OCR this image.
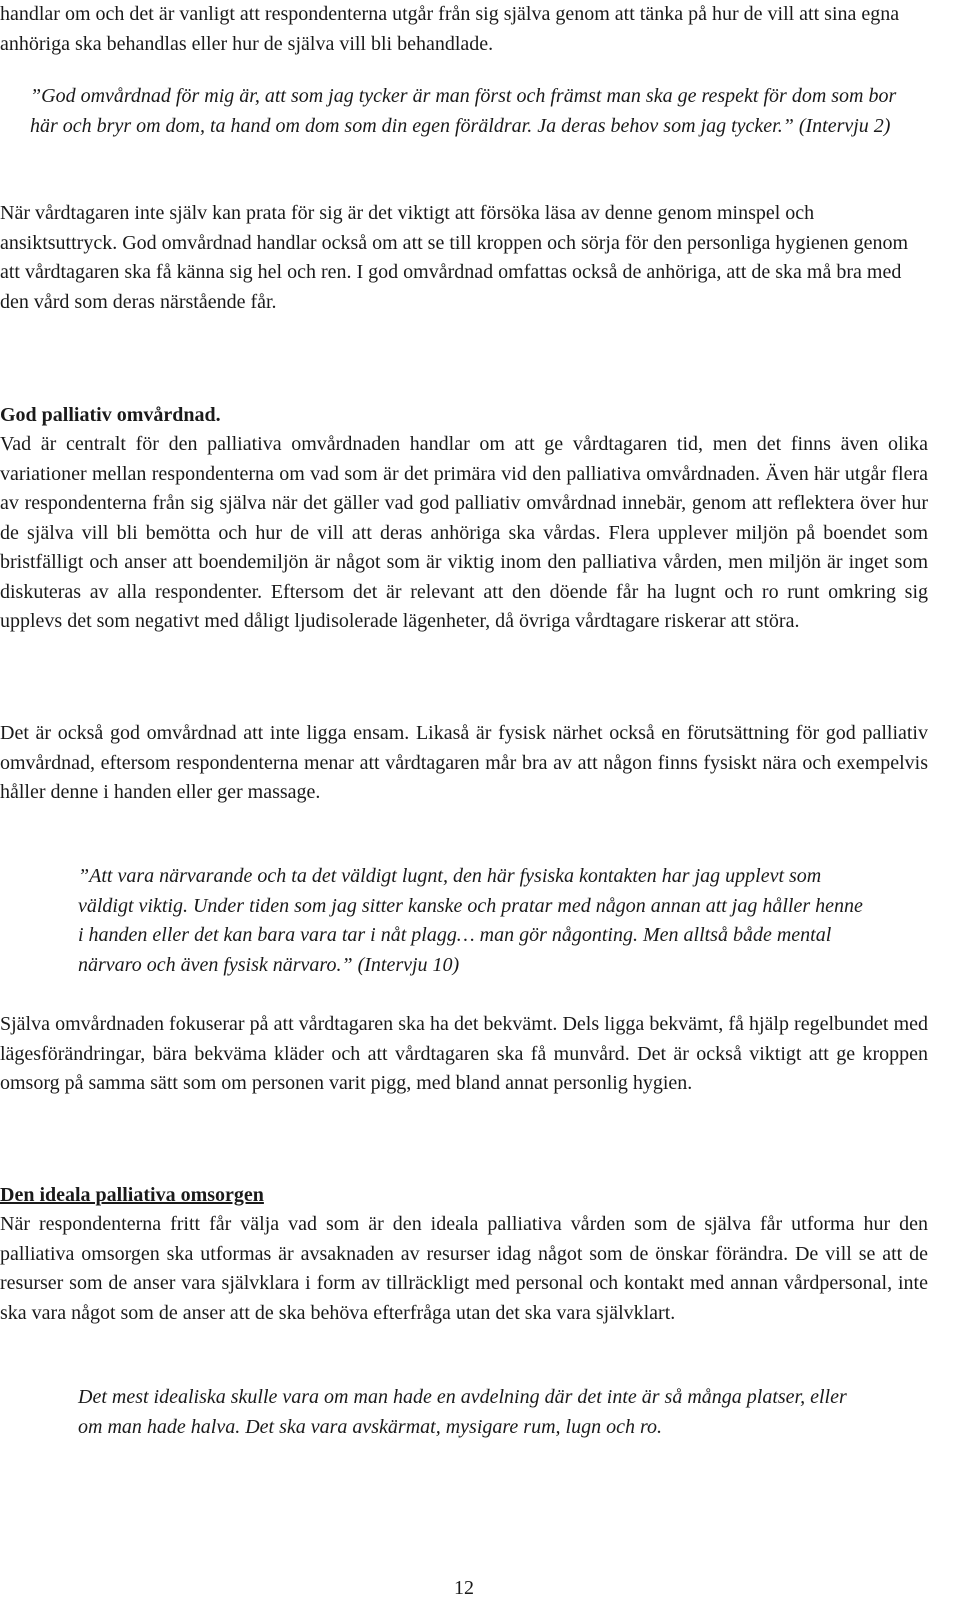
handlar om och det är vanligt att respondenterna utgår från sig själva genom att tänka på hur de vill att sina egna anhöriga ska behandlas eller hur de själva vill bli behandlade.

”God omvårdnad för mig är, att som jag tycker är man först och främst man ska ge respekt för dom som bor här och bryr om dom, ta hand om dom som din egen föräldrar. Ja deras behov som jag tycker.” (Intervju 2)

När vårdtagaren inte själv kan prata för sig är det viktigt att försöka läsa av denne genom minspel och ansiktsuttryck. God omvårdnad handlar också om att se till kroppen och sörja för den personliga hygienen genom att vårdtagaren ska få känna sig hel och ren. I god omvårdnad omfattas också de anhöriga, att de ska må bra med den vård som deras närstående får.

God palliativ omvårdnad.

Vad är centralt för den palliativa omvårdnaden handlar om att ge vårdtagaren tid, men det finns även olika variationer mellan respondenterna om vad som är det primära vid den palliativa omvårdnaden. Även här utgår flera av respondenterna från sig själva när det gäller vad god palliativ omvårdnad innebär, genom att reflektera över hur de själva vill bli bemötta och hur de vill att deras anhöriga ska vårdas. Flera upplever miljön på boendet som bristfälligt och anser att boendemiljön är något som är viktig inom den palliativa vården, men miljön är inget som diskuteras av alla respondenter. Eftersom det är relevant att den döende får ha lugnt och ro runt omkring sig upplevs det som negativt med dåligt ljudisolerade lägenheter, då övriga vårdtagare riskerar att störa.

Det är också god omvårdnad att inte ligga ensam. Likaså är fysisk närhet också en förutsättning för god palliativ omvårdnad, eftersom respondenterna menar att vårdtagaren mår bra av att någon finns fysiskt nära och exempelvis håller denne i handen eller ger massage.

”Att vara närvarande och ta det väldigt lugnt, den här fysiska kontakten har jag upplevt som väldigt viktig. Under tiden som jag sitter kanske och pratar med någon annan att jag håller henne i handen eller det kan bara vara tar i nåt plagg… man gör någonting. Men alltså både mental närvaro och även fysisk närvaro.” (Intervju 10)

Själva omvårdnaden fokuserar på att vårdtagaren ska ha det bekvämt. Dels ligga bekvämt, få hjälp regelbundet med lägesförändringar, bära bekväma kläder och att vårdtagaren ska få munvård. Det är också viktigt att ge kroppen omsorg på samma sätt som om personen varit pigg, med bland annat personlig hygien.

Den ideala palliativa omsorgen

När respondenterna fritt får välja vad som är den ideala palliativa vården som de själva får utforma hur den palliativa omsorgen ska utformas är avsaknaden av resurser idag något som de önskar förändra. De vill se att de resurser som de anser vara självklara i form av tillräckligt med personal och kontakt med annan vårdpersonal, inte ska vara något som de anser att de ska behöva efterfråga utan det ska vara självklart.

Det mest idealiska skulle vara om man hade en avdelning där det inte är så många platser, eller om man hade halva. Det ska vara avskärmat, mysigare rum, lugn och ro.

12
